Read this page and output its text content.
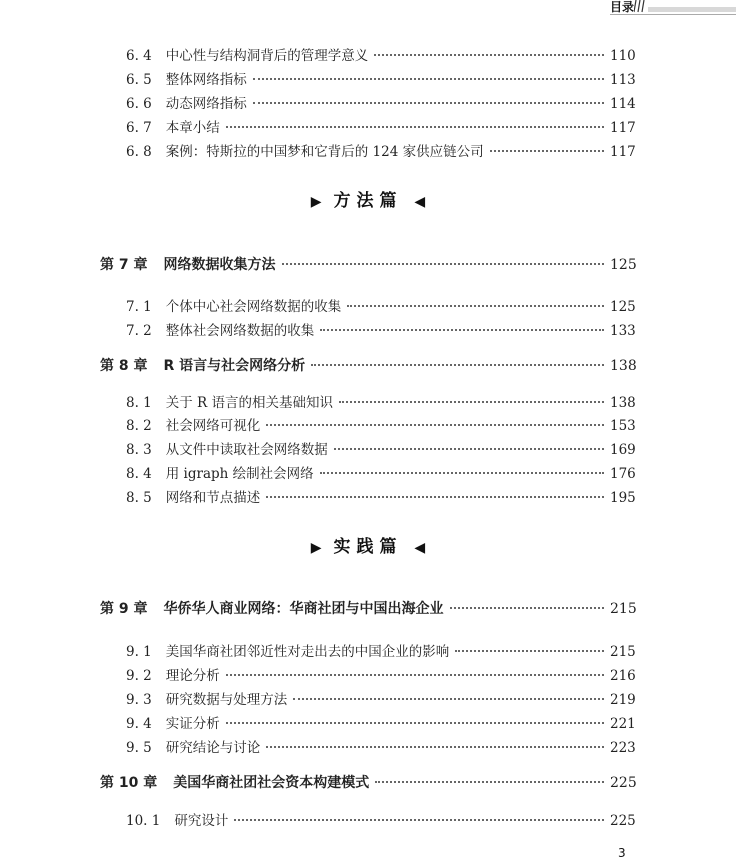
目录
6. 4 中心性与结构洞背后的管理学意义	110
6. 5 整体网络指标	113
6. 6 动态网络指标	114
6. 7 本章小结	117
6. 8 案例：特斯拉的中国梦和它背后的 124 家供应链公司	117
▶ 方法篇 ◀
第 7 章 网络数据收集方法	125
7. 1 个体中心社会网络数据的收集	125
7. 2 整体社会网络数据的收集	133
第 8 章 R 语言与社会网络分析	138
8. 1 关于 R 语言的相关基础知识	138
8. 2 社会网络可视化	153
8. 3 从文件中读取社会网络数据	169
8. 4 用 igraph 绘制社会网络	176
8. 5 网络和节点描述	195
▶ 实践篇 ◀
第 9 章 华侨华人商业网络：华商社团与中国出海企业	215
9. 1 美国华商社团邻近性对走出去的中国企业的影响	215
9. 2 理论分析	216
9. 3 研究数据与处理方法	219
9. 4 实证分析	221
9. 5 研究结论与讨论	223
第 10 章 美国华商社团社会资本构建模式	225
10. 1 研究设计	225
3
